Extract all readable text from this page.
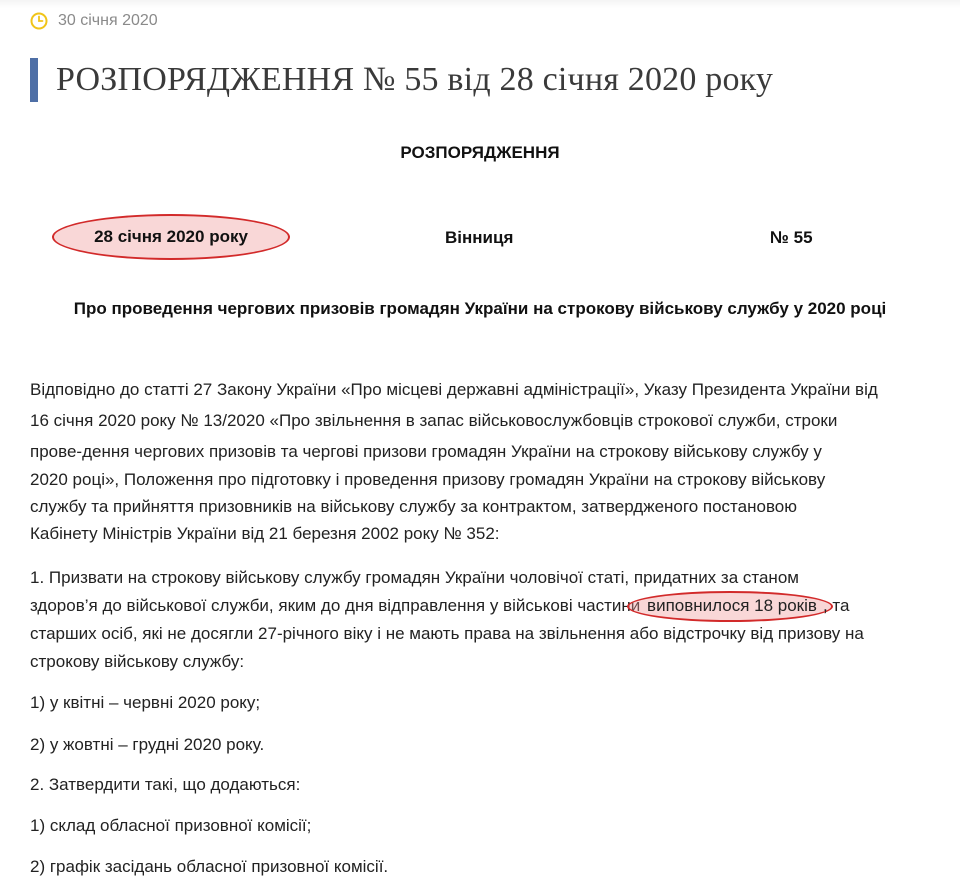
30 січня 2020
РОЗПОРЯДЖЕННЯ № 55 від 28 січня 2020 року
РОЗПОРЯДЖЕННЯ
28 січня 2020 року	Вінниця	№ 55
Про проведення чергових призовів громадян України на строкову військову службу у 2020 році
Відповідно до статті 27 Закону України «Про місцеві державні адміністрації», Указу Президента України від
16 січня 2020 року № 13/2020 «Про звільнення в запас військовослужбовців строкової служби, строки
прове-дення чергових призовів та чергові призови громадян України на строкову військову службу у
2020 році», Положення про підготовку і проведення призову громадян України на строкову військову
службу та прийняття призовників на військову службу за контрактом, затвердженого постановою
Кабінету Міністрів України від 21 березня 2002 року № 352:
1. Призвати на строкову військову службу громадян України чоловічої статі, придатних за станом
здоров’я до військової служби, яким до дня відправлення у військові частини виповнилося 18 років , та
старших осіб, які не досягли 27-річного віку і не мають права на звільнення або відстрочку від призову на
строкову військову службу:
1) у квітні – червні 2020 року;
2) у жовтні – грудні 2020 року.
2. Затвердити такі, що додаються:
1) склад обласної призовної комісії;
2) графік засідань обласної призовної комісії.
